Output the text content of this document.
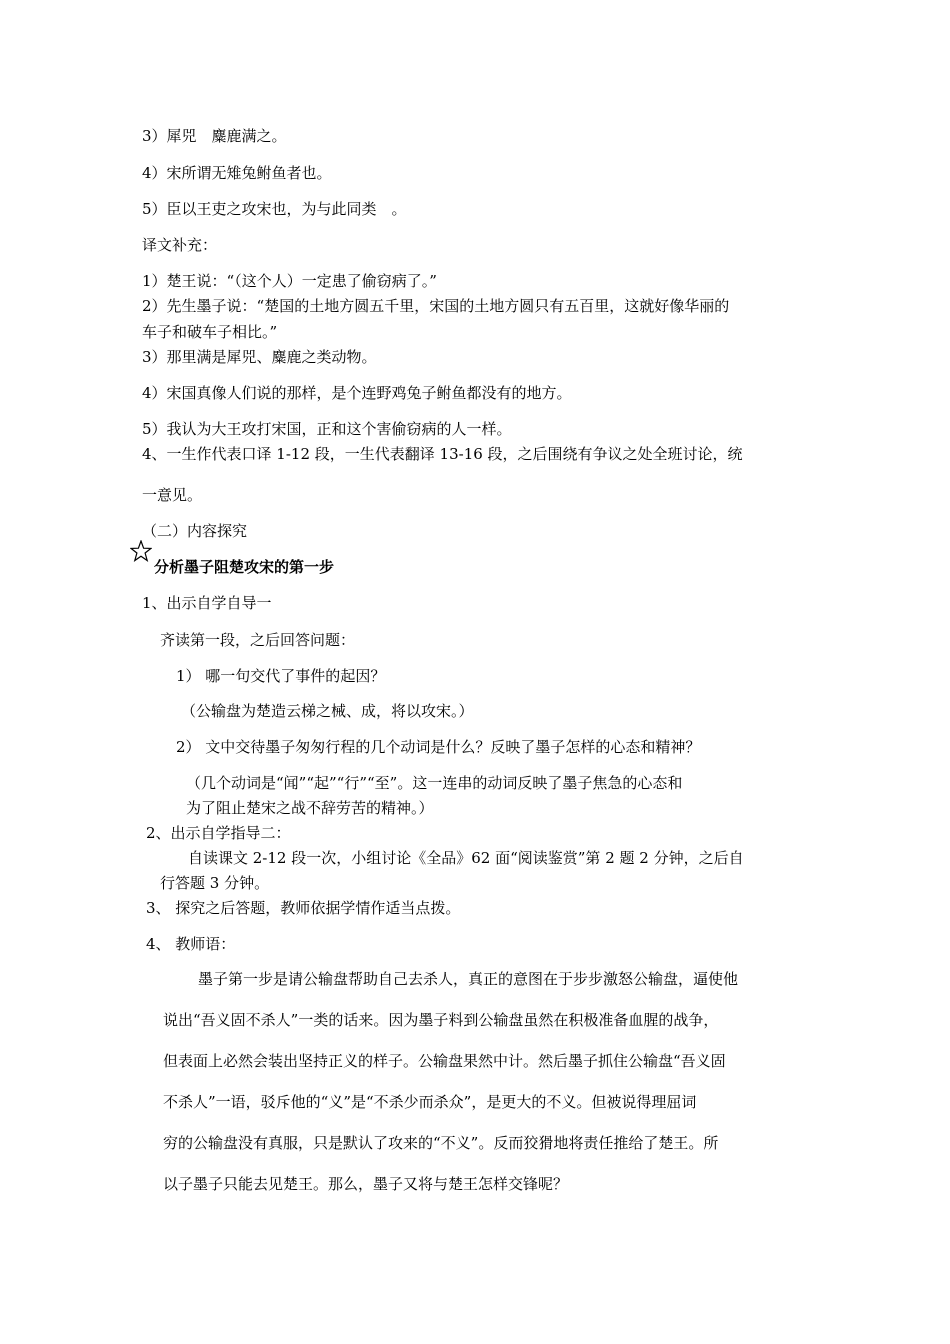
3）犀兕　麋鹿满之。
4）宋所谓无雉兔鲋鱼者也。
5）臣以王吏之攻宋也，为与此同类　。
译文补充：
1）楚王说：“（这个人）一定患了偷窃病了。”
2）先生墨子说：“楚国的土地方圆五千里，宋国的土地方圆只有五百里，这就好像华丽的
车子和破车子相比。”
3）那里满是犀兕、麋鹿之类动物。
4）宋国真像人们说的那样，是个连野鸡兔子鲋鱼都没有的地方。
5）我认为大王攻打宋国，正和这个害偷窃病的人一样。
4、一生作代表口译 1-12 段，一生代表翻译 13-16 段，之后围绕有争议之处全班讨论，统
一意见。
（二）内容探究
分析墨子阻楚攻宋的第一步
1、出示自学自导一
齐读第一段，之后回答问题：
1） 哪一句交代了事件的起因？
（公输盘为楚造云梯之械、成，将以攻宋。）
2） 文中交待墨子匆匆行程的几个动词是什么？反映了墨子怎样的心态和精神？
（几个动词是“闻”“起”“行”“至”。这一连串的动词反映了墨子焦急的心态和
为了阻止楚宋之战不辞劳苦的精神。）
2、出示自学指导二：
自读课文 2-12 段一次，小组讨论《全品》62 面“阅读鉴赏”第 2 题 2 分钟，之后自
行答题 3 分钟。
3、 探究之后答题，教师依据学情作适当点拨。
4、 教师语：
墨子第一步是请公输盘帮助自己去杀人，真正的意图在于步步激怒公输盘，逼使他
说出“吾义固不杀人”一类的话来。因为墨子料到公输盘虽然在积极准备血腥的战争，
但表面上必然会装出坚持正义的样子。公输盘果然中计。然后墨子抓住公输盘“吾义固
不杀人”一语，驳斥他的“义”是“不杀少而杀众”，是更大的不义。但被说得理屈词
穷的公输盘没有真服，只是默认了攻来的“不义”。反而狡猾地将责任推给了楚王。所
以子墨子只能去见楚王。那么，墨子又将与楚王怎样交锋呢？
